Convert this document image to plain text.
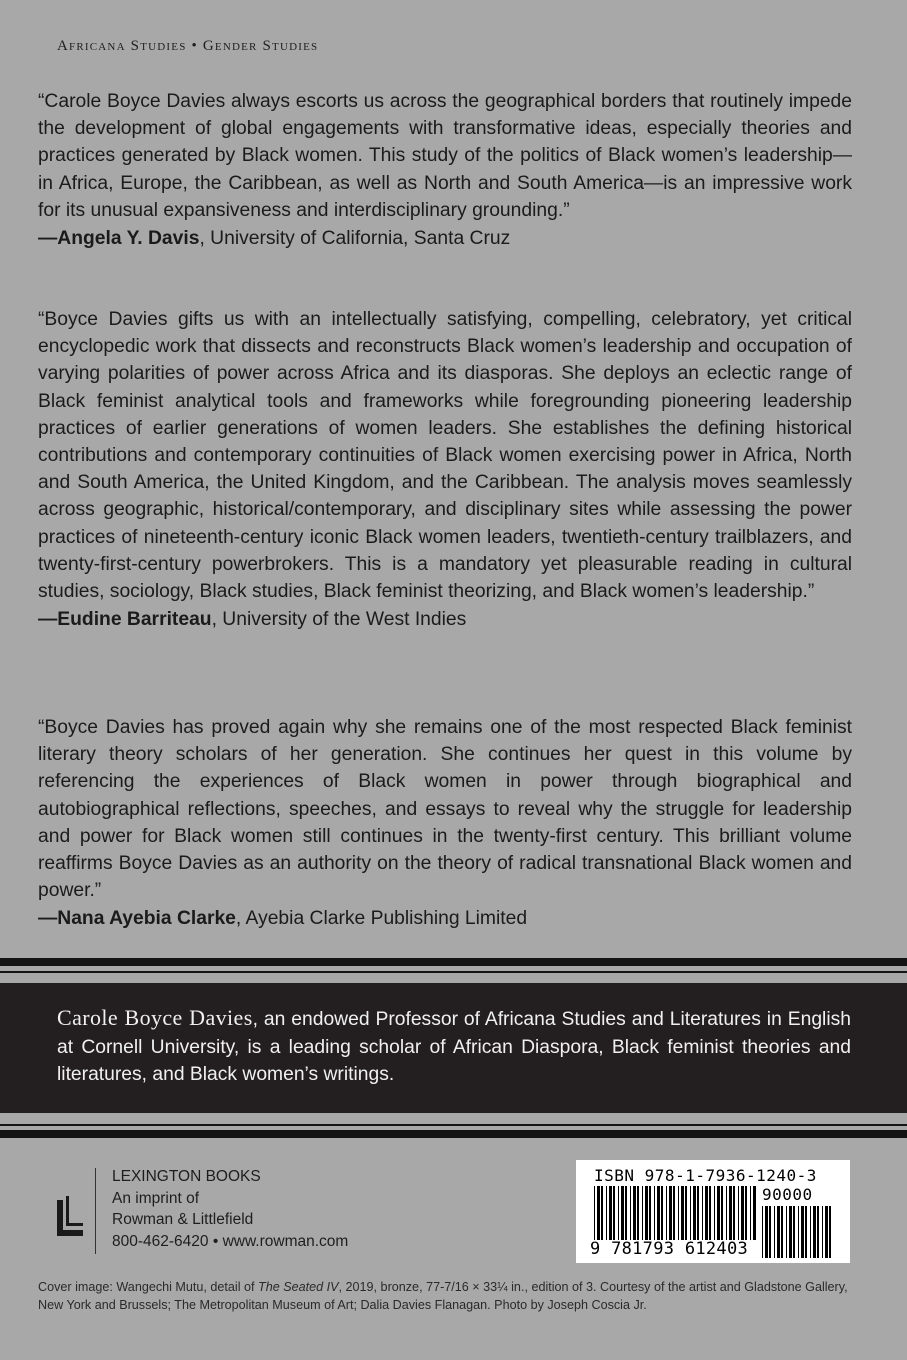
Africana Studies • Gender Studies
“Carole Boyce Davies always escorts us across the geographical borders that routinely impede the development of global engagements with transformative ideas, especially theories and practices generated by Black women. This study of the politics of Black women’s leadership—in Africa, Europe, the Caribbean, as well as North and South America—is an impressive work for its unusual expansiveness and interdisciplinary grounding.”
—Angela Y. Davis, University of California, Santa Cruz
“Boyce Davies gifts us with an intellectually satisfying, compelling, celebratory, yet critical encyclopedic work that dissects and reconstructs Black women’s leadership and occupation of varying polarities of power across Africa and its diasporas. She deploys an eclectic range of Black feminist analytical tools and frameworks while foregrounding pioneering leadership practices of earlier generations of women leaders. She establishes the defining historical contributions and contemporary continuities of Black women exercising power in Africa, North and South America, the United Kingdom, and the Caribbean. The analysis moves seamlessly across geographic, historical/contemporary, and disciplinary sites while assessing the power practices of nineteenth-century iconic Black women leaders, twentieth-century trailblazers, and twenty-first-century powerbrokers. This is a mandatory yet pleasurable reading in cultural studies, sociology, Black studies, Black feminist theorizing, and Black women’s leadership.”
—Eudine Barriteau, University of the West Indies
“Boyce Davies has proved again why she remains one of the most respected Black feminist literary theory scholars of her generation. She continues her quest in this volume by referencing the experiences of Black women in power through biographical and autobiographical reflections, speeches, and essays to reveal why the struggle for leadership and power for Black women still continues in the twenty-first century. This brilliant volume reaffirms Boyce Davies as an authority on the theory of radical transnational Black women and power.”
—Nana Ayebia Clarke, Ayebia Clarke Publishing Limited
Carole Boyce Davies, an endowed Professor of Africana Studies and Literatures in English at Cornell University, is a leading scholar of African Diaspora, Black feminist theories and literatures, and Black women’s writings.
LEXINGTON BOOKS
An imprint of
Rowman & Littlefield
800-462-6420 • www.rowman.com
ISBN 978-1-7936-1240-3
90000
9 781793 612403
Cover image: Wangechi Mutu, detail of The Seated IV, 2019, bronze, 77-7/16 × 33¼ in., edition of 3. Courtesy of the artist and Gladstone Gallery, New York and Brussels; The Metropolitan Museum of Art; Dalia Davies Flanagan. Photo by Joseph Coscia Jr.
